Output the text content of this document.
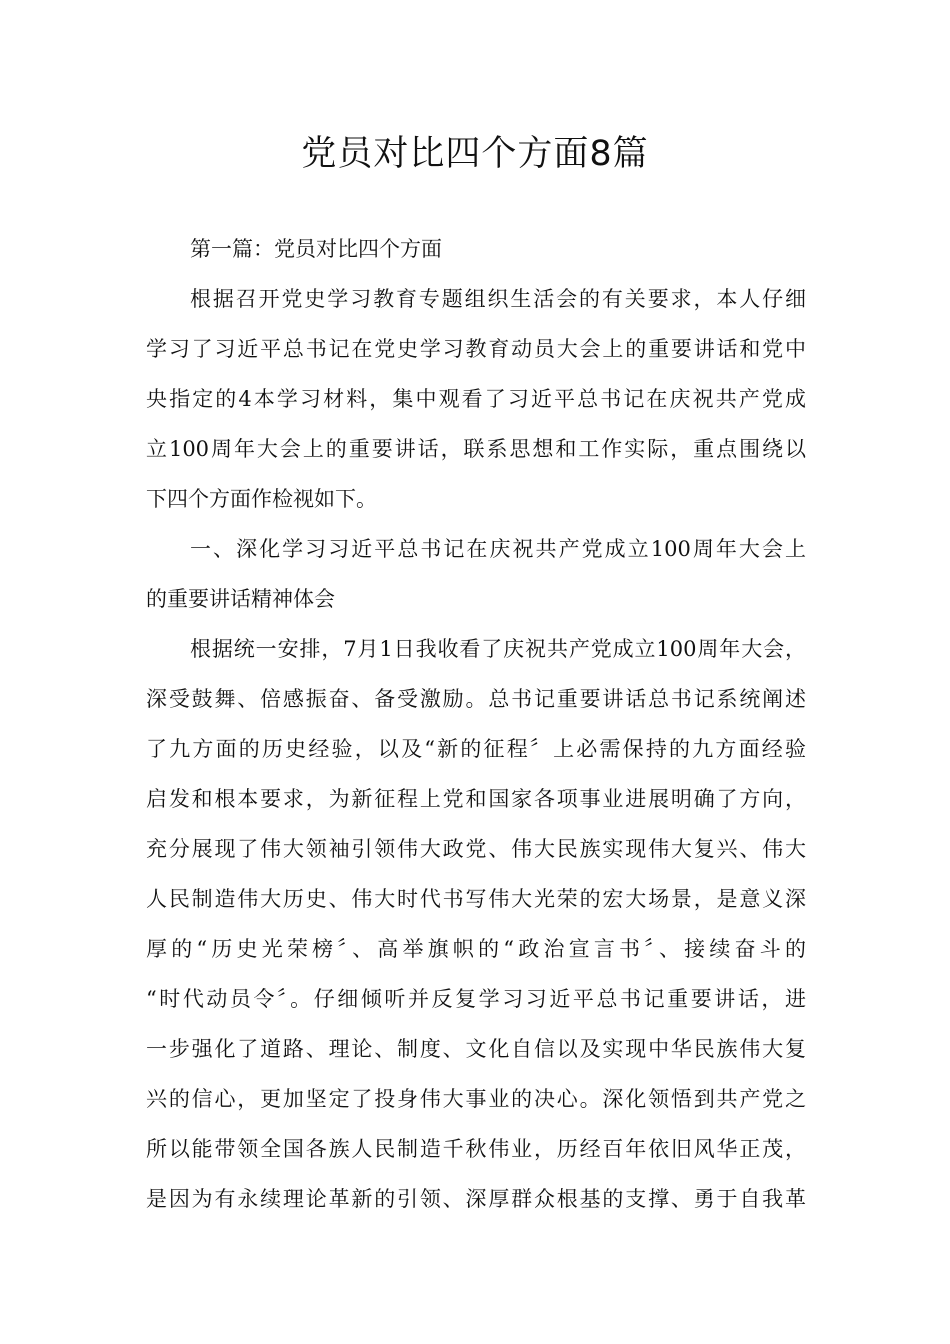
党员对比四个方面8篇

第一篇：党员对比四个方面

根据召开党史学习教育专题组织生活会的有关要求，本人仔细
学习了习近平总书记在党史学习教育动员大会上的重要讲话和党中
央指定的4本学习材料，集中观看了习近平总书记在庆祝共产党成
立100周年大会上的重要讲话，联系思想和工作实际，重点围绕以
下四个方面作检视如下。

一、深化学习习近平总书记在庆祝共产党成立100周年大会上
的重要讲话精神体会

根据统一安排，7月1日我收看了庆祝共产党成立100周年大会，
深受鼓舞、倍感振奋、备受激励。总书记重要讲话总书记系统阐述
了九方面的历史经验，以及“新的征程〞上必需保持的九方面经验
启发和根本要求，为新征程上党和国家各项事业进展明确了方向，
充分展现了伟大领袖引领伟大政党、伟大民族实现伟大复兴、伟大
人民制造伟大历史、伟大时代书写伟大光荣的宏大场景，是意义深
厚的“历史光荣榜〞、高举旗帜的“政治宣言书〞、接续奋斗的
“时代动员令〞。仔细倾听并反复学习习近平总书记重要讲话，进
一步强化了道路、理论、制度、文化自信以及实现中华民族伟大复
兴的信心，更加坚定了投身伟大事业的决心。深化领悟到共产党之
所以能带领全国各族人民制造千秋伟业，历经百年依旧风华正茂，
是因为有永续理论革新的引领、深厚群众根基的支撑、勇于自我革
